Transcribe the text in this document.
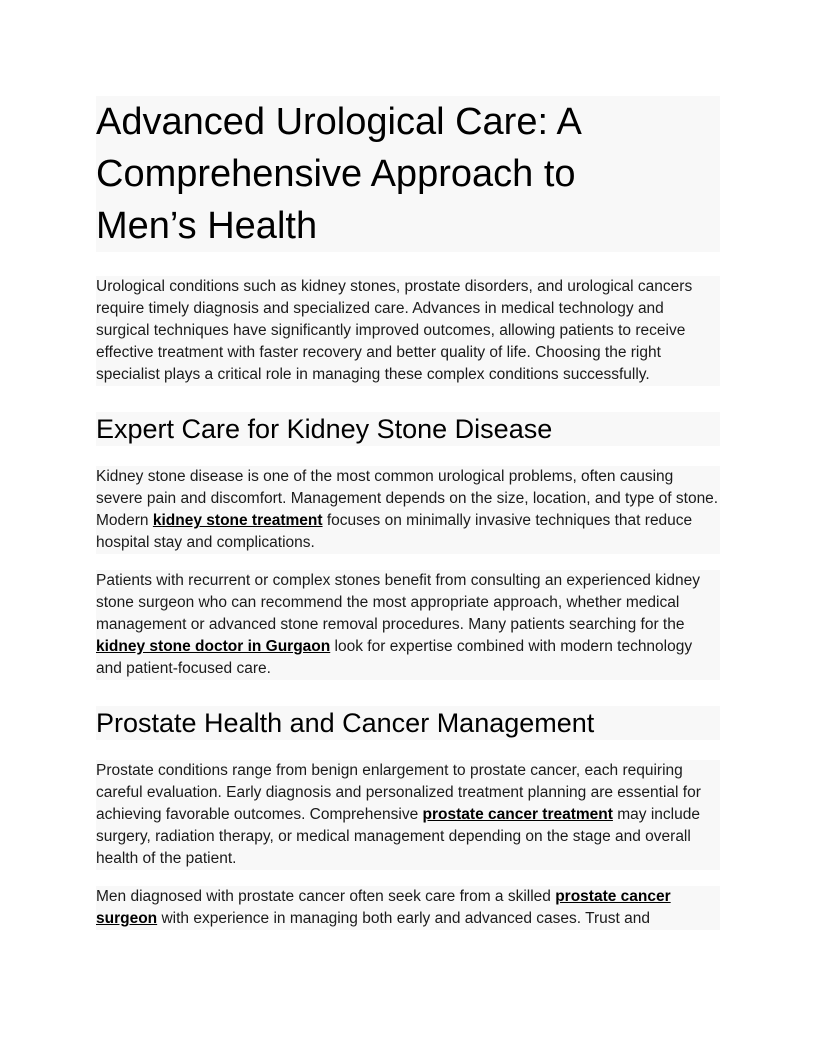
Advanced Urological Care: A
Comprehensive Approach to
Men’s Health

Urological conditions such as kidney stones, prostate disorders, and urological cancers require timely diagnosis and specialized care. Advances in medical technology and surgical techniques have significantly improved outcomes, allowing patients to receive effective treatment with faster recovery and better quality of life. Choosing the right specialist plays a critical role in managing these complex conditions successfully.

Expert Care for Kidney Stone Disease

Kidney stone disease is one of the most common urological problems, often causing severe pain and discomfort. Management depends on the size, location, and type of stone. Modern kidney stone treatment focuses on minimally invasive techniques that reduce hospital stay and complications.

Patients with recurrent or complex stones benefit from consulting an experienced kidney stone surgeon who can recommend the most appropriate approach, whether medical management or advanced stone removal procedures. Many patients searching for the kidney stone doctor in Gurgaon look for expertise combined with modern technology and patient-focused care.

Prostate Health and Cancer Management

Prostate conditions range from benign enlargement to prostate cancer, each requiring careful evaluation. Early diagnosis and personalized treatment planning are essential for achieving favorable outcomes. Comprehensive prostate cancer treatment may include surgery, radiation therapy, or medical management depending on the stage and overall health of the patient.

Men diagnosed with prostate cancer often seek care from a skilled prostate cancer surgeon with experience in managing both early and advanced cases. Trust and
